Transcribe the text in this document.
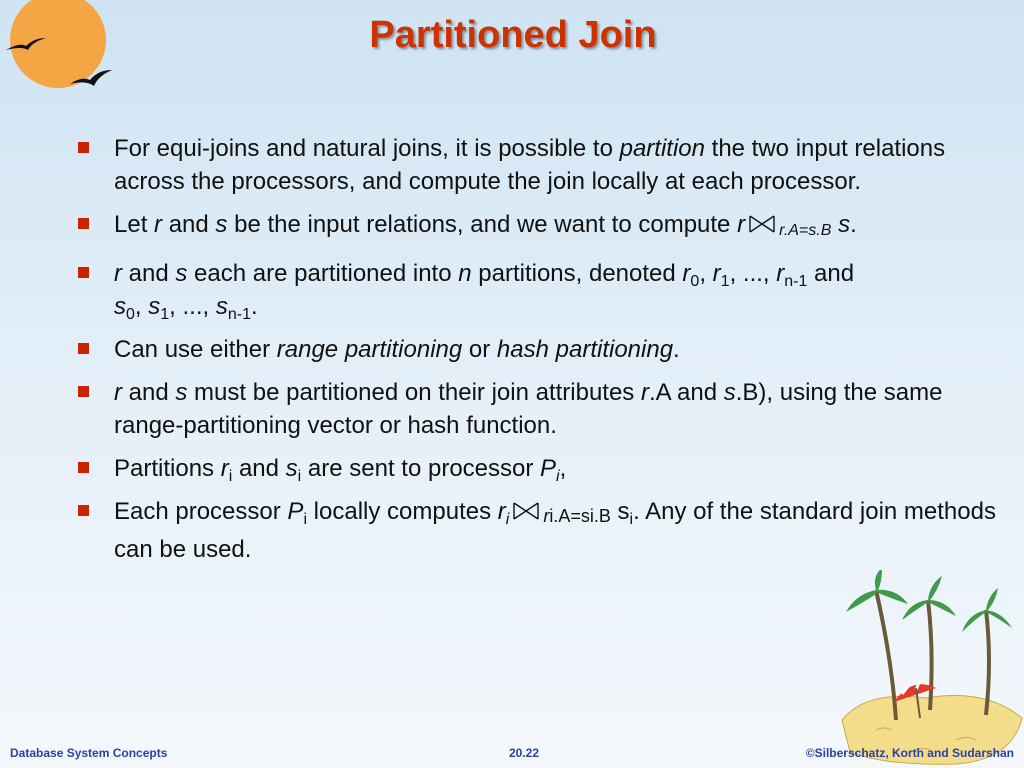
Partitioned Join
For equi-joins and natural joins, it is possible to partition the two input relations across the processors, and compute the join locally at each processor.
Let r and s be the input relations, and we want to compute r r.A=s.B s.
r and s each are partitioned into n partitions, denoted $r_0$, $r_1$, ..., $r_{n-1}$ and
$s_0$, $s_1$, ..., $s_{n-1}$.
Can use either range partitioning or hash partitioning.
r and s must be partitioned on their join attributes r.A and s.B), using the same range-partitioning vector or hash function.
Partitions $r_i$ and $s_i$ are sent to processor $P_i$,
Each processor $P_i$ locally computes $r_i$ ri.A=si.B $s_i$. Any of the standard join methods can be used.
Database System Concepts	20.22	©Silberschatz, Korth and Sudarshan
